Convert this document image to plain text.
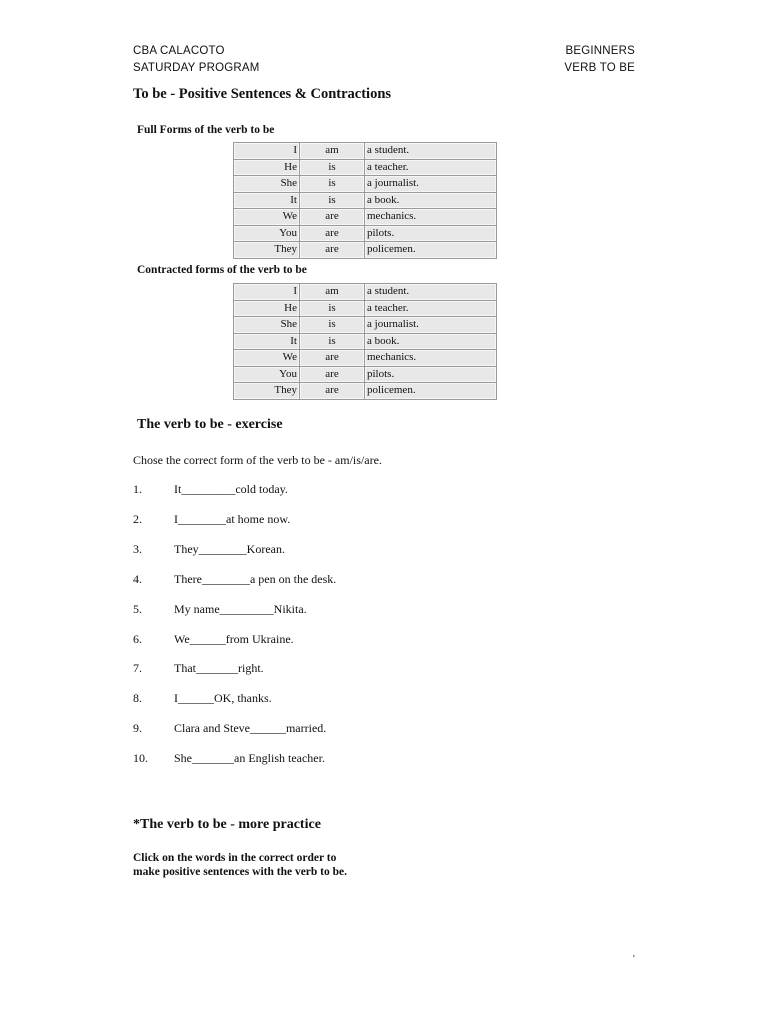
CBA CALACOTO
SATURDAY PROGRAM
BEGINNERS
VERB TO BE
To be - Positive Sentences & Contractions
Full Forms of the verb to be
I	am	a student.
He	is	a teacher.
She	is	a journalist.
It	is	a book.
We	are	mechanics.
You	are	pilots.
They	are	policemen.
Contracted forms of the verb to be
I	am	a student.
He	is	a teacher.
She	is	a journalist.
It	is	a book.
We	are	mechanics.
You	are	pilots.
They	are	policemen.
The verb to be - exercise
Chose the correct form of the verb to be - am/is/are.
1.	It_________cold today.
2.	I________at home now.
3.	They________Korean.
4.	There________a pen on the desk.
5.	My name_________Nikita.
6.	We______from Ukraine.
7.	That_______right.
8.	I______OK, thanks.
9.	Clara and Steve______married.
10. She_______an English teacher.
*The verb to be - more practice
Click on the words in the correct order to
make positive sentences with the verb to be.
'
